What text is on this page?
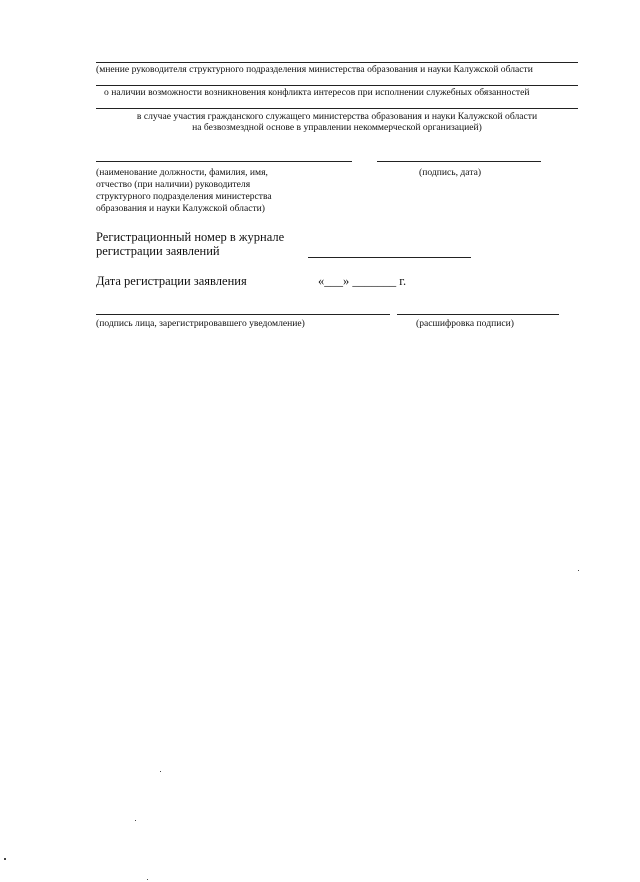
(мнение руководителя структурного подразделения министерства образования и науки Калужской области
о наличии возможности возникновения конфликта интересов при исполнении служебных обязанностей
в случае участия гражданского служащего министерства образования и науки Калужской области
на безвозмездной основе в управлении некоммерческой организацией)
(наименование должности, фамилия, имя,
отчество (при наличии) руководителя
структурного подразделения министерства
образования и науки Калужской области)
(подпись, дата)
Регистрационный номер в журнале
регистрации заявлений
Дата регистрации заявления	«___» _______ г.
(подпись лица, зарегистрировавшего уведомление)	(расшифровка подписи)
